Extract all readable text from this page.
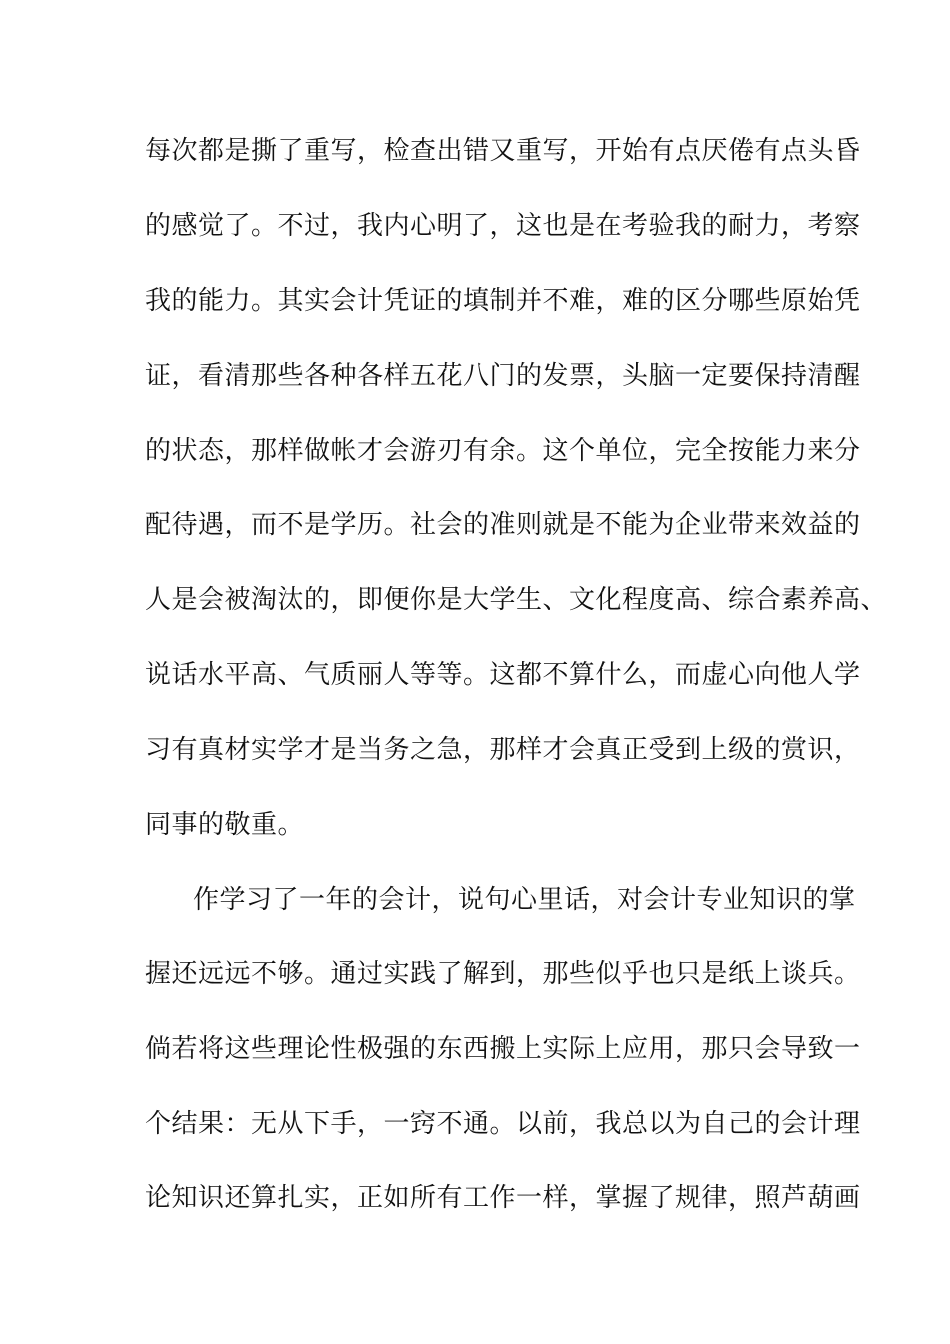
每次都是撕了重写，检查出错又重写，开始有点厌倦有点头昏
的感觉了。不过，我内心明了，这也是在考验我的耐力，考察
我的能力。其实会计凭证的填制并不难，难的区分哪些原始凭
证，看清那些各种各样五花八门的发票，头脑一定要保持清醒
的状态，那样做帐才会游刃有余。这个单位，完全按能力来分
配待遇，而不是学历。社会的准则就是不能为企业带来效益的
人是会被淘汰的，即便你是大学生、文化程度高、综合素养高、
说话水平高、气质丽人等等。这都不算什么，而虚心向他人学
习有真材实学才是当务之急，那样才会真正受到上级的赏识，
同事的敬重。
作学习了一年的会计，说句心里话，对会计专业知识的掌
握还远远不够。通过实践了解到，那些似乎也只是纸上谈兵。
倘若将这些理论性极强的东西搬上实际上应用，那只会导致一
个结果：无从下手，一窍不通。以前，我总以为自己的会计理
论知识还算扎实，正如所有工作一样，掌握了规律，照芦葫画
